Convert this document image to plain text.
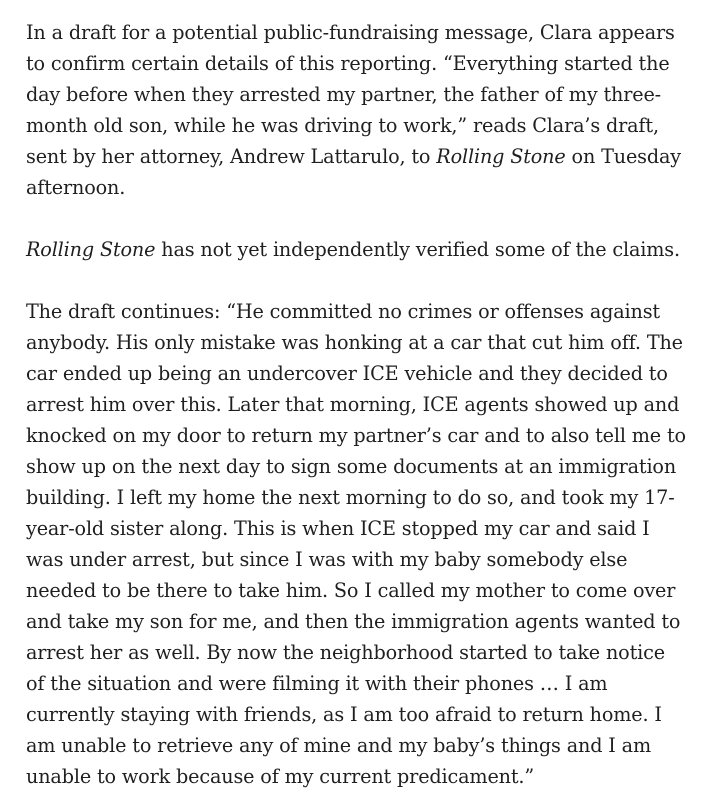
In a draft for a potential public-fundraising message, Clara appears to confirm certain details of this reporting. “Everything started the day before when they arrested my partner, the father of my three-month old son, while he was driving to work,” reads Clara’s draft, sent by her attorney, Andrew Lattarulo, to Rolling Stone on Tuesday afternoon.

Rolling Stone has not yet independently verified some of the claims.

The draft continues: “He committed no crimes or offenses against anybody. His only mistake was honking at a car that cut him off. The car ended up being an undercover ICE vehicle and they decided to arrest him over this. Later that morning, ICE agents showed up and knocked on my door to return my partner’s car and to also tell me to show up on the next day to sign some documents at an immigration building. I left my home the next morning to do so, and took my 17-year-old sister along. This is when ICE stopped my car and said I was under arrest, but since I was with my baby somebody else needed to be there to take him. So I called my mother to come over and take my son for me, and then the immigration agents wanted to arrest her as well. By now the neighborhood started to take notice of the situation and were filming it with their phones … I am currently staying with friends, as I am too afraid to return home. I am unable to retrieve any of mine and my baby’s things and I am unable to work because of my current predicament.”
